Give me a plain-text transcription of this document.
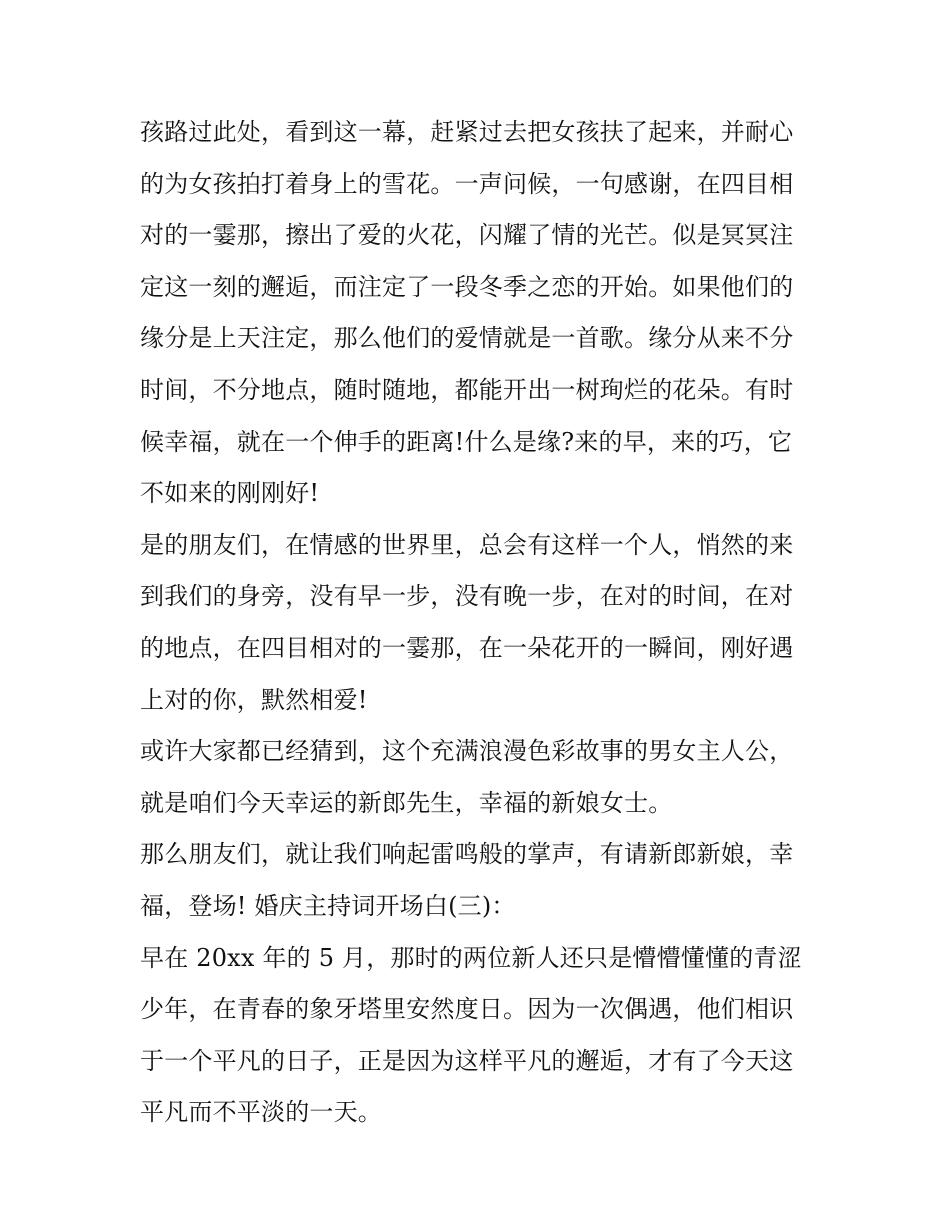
孩路过此处，看到这一幕，赶紧过去把女孩扶了起来，并耐心
的为女孩拍打着身上的雪花。一声问候，一句感谢，在四目相
对的一霎那，擦出了爱的火花，闪耀了情的光芒。似是冥冥注
定这一刻的邂逅，而注定了一段冬季之恋的开始。如果他们的
缘分是上天注定，那么他们的爱情就是一首歌。缘分从来不分
时间，不分地点，随时随地，都能开出一树珣烂的花朵。有时
候幸福，就在一个伸手的距离!什么是缘?来的早，来的巧，它
不如来的刚刚好!
是的朋友们，在情感的世界里，总会有这样一个人，悄然的来
到我们的身旁，没有早一步，没有晚一步，在对的时间，在对
的地点，在四目相对的一霎那，在一朵花开的一瞬间，刚好遇
上对的你，默然相爱!
或许大家都已经猜到，这个充满浪漫色彩故事的男女主人公，
就是咱们今天幸运的新郎先生，幸福的新娘女士。
那么朋友们，就让我们响起雷鸣般的掌声，有请新郎新娘，幸
福，登场! 婚庆主持词开场白(三)：
早在 20xx 年的 5 月，那时的两位新人还只是懵懵懂懂的青涩
少年，在青春的象牙塔里安然度日。因为一次偶遇，他们相识
于一个平凡的日子，正是因为这样平凡的邂逅，才有了今天这
平凡而不平淡的一天。
